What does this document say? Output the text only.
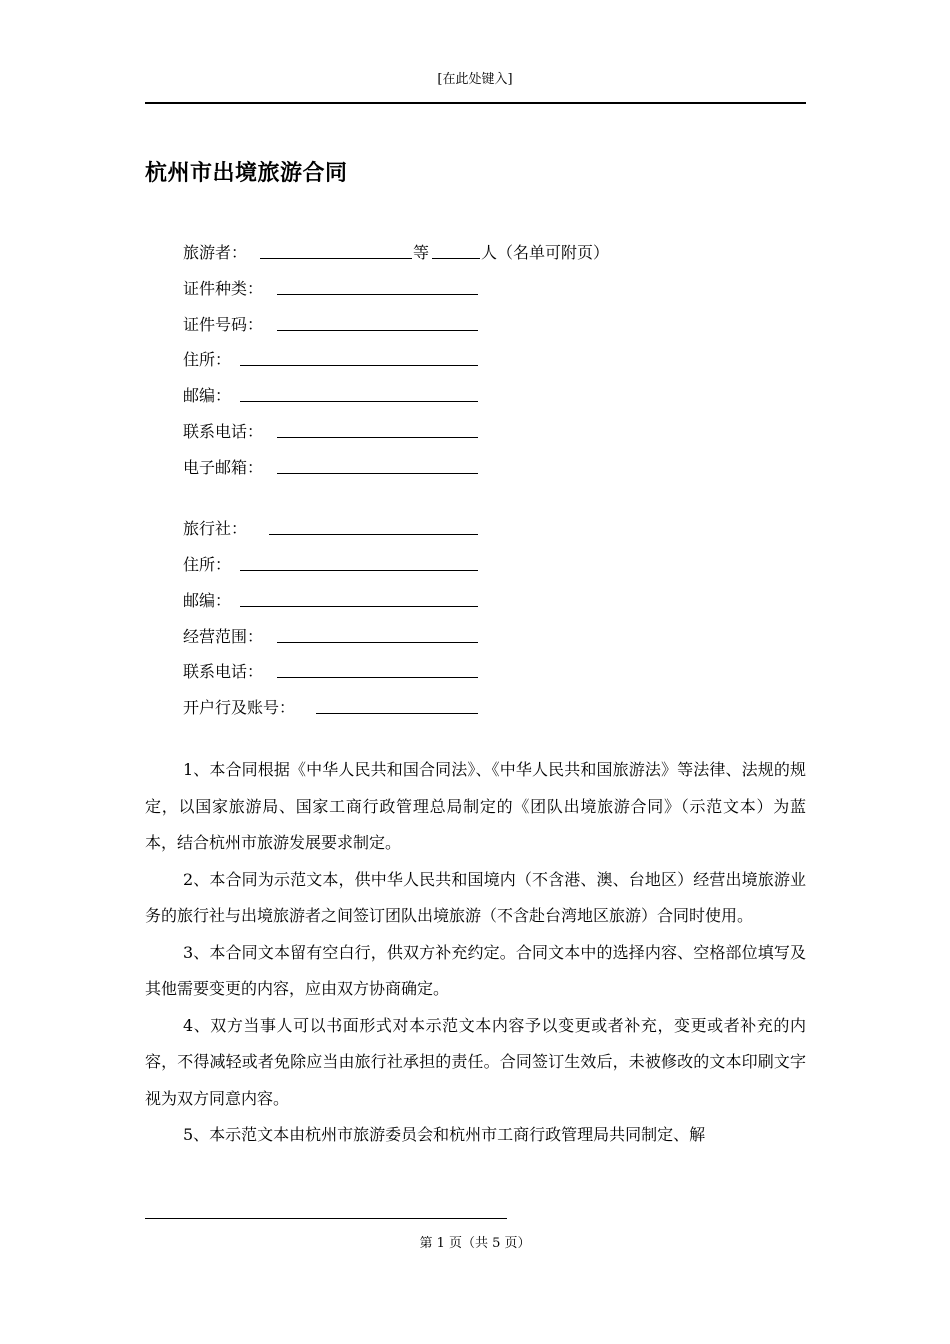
[在此处键入]
杭州市出境旅游合同
旅游者：	等	人（名单可附页）
证件种类：
证件号码：
住所：
邮编：
联系电话：
电子邮箱：
旅行社：
住所：
邮编：
经营范围：
联系电话：
开户行及账号：

1、本合同根据《中华人民共和国合同法》、《中华人民共和国旅游法》等法律、法规的规定，以国家旅游局、国家工商行政管理总局制定的《团队出境旅游合同》（示范文本）为蓝本，结合杭州市旅游发展要求制定。

2、本合同为示范文本，供中华人民共和国境内（不含港、澳、台地区）经营出境旅游业务的旅行社与出境旅游者之间签订团队出境旅游（不含赴台湾地区旅游）合同时使用。

3、本合同文本留有空白行，供双方补充约定。合同文本中的选择内容、空格部位填写及其他需要变更的内容，应由双方协商确定。

4、双方当事人可以书面形式对本示范文本内容予以变更或者补充，变更或者补充的内容，不得减轻或者免除应当由旅行社承担的责任。合同签订生效后，未被修改的文本印刷文字视为双方同意内容。

5、本示范文本由杭州市旅游委员会和杭州市工商行政管理局共同制定、解

第 1 页（共 5 页）
